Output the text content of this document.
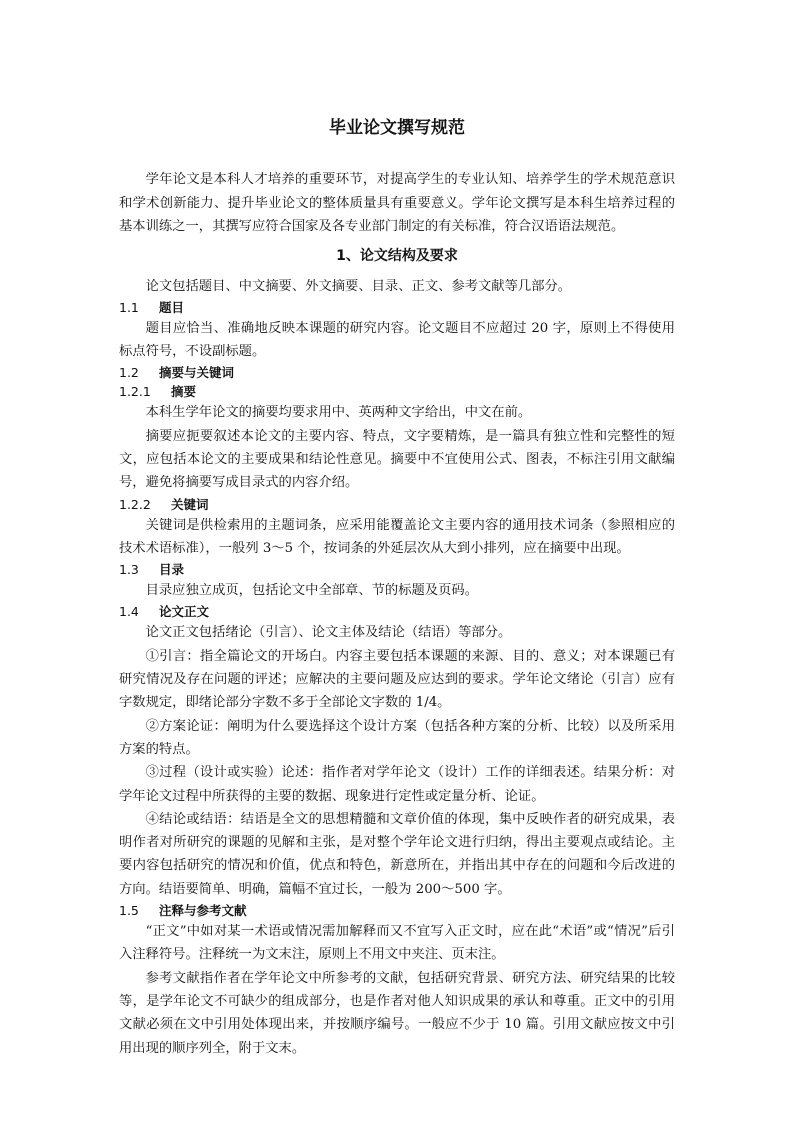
毕业论文撰写规范

学年论文是本科人才培养的重要环节，对提高学生的专业认知、培养学生的学术规范意识和学术创新能力、提升毕业论文的整体质量具有重要意义。学年论文撰写是本科生培养过程的基本训练之一，其撰写应符合国家及各专业部门制定的有关标准，符合汉语语法规范。

1、论文结构及要求

论文包括题目、中文摘要、外文摘要、目录、正文、参考文献等几部分。

1.1 题目

题目应恰当、准确地反映本课题的研究内容。论文题目不应超过 20 字，原则上不得使用标点符号，不设副标题。

1.2 摘要与关键词
1.2.1 摘要

本科生学年论文的摘要均要求用中、英两种文字给出，中文在前。

摘要应扼要叙述本论文的主要内容、特点，文字要精炼，是一篇具有独立性和完整性的短文，应包括本论文的主要成果和结论性意见。摘要中不宜使用公式、图表，不标注引用文献编号，避免将摘要写成目录式的内容介绍。

1.2.2 关键词

关键词是供检索用的主题词条，应采用能覆盖论文主要内容的通用技术词条（参照相应的技术术语标准），一般列 3～5 个，按词条的外延层次从大到小排列，应在摘要中出现。

1.3 目录

目录应独立成页，包括论文中全部章、节的标题及页码。

1.4 论文正文

论文正文包括绪论（引言）、论文主体及结论（结语）等部分。

①引言：指全篇论文的开场白。内容主要包括本课题的来源、目的、意义；对本课题已有研究情况及存在问题的评述；应解决的主要问题及应达到的要求。学年论文绪论（引言）应有字数规定，即绪论部分字数不多于全部论文字数的 1/4。

②方案论证：阐明为什么要选择这个设计方案（包括各种方案的分析、比较）以及所采用方案的特点。

③过程（设计或实验）论述：指作者对学年论文（设计）工作的详细表述。结果分析：对学年论文过程中所获得的主要的数据、现象进行定性或定量分析、论证。

④结论或结语：结语是全文的思想精髓和文章价值的体现，集中反映作者的研究成果，表明作者对所研究的课题的见解和主张，是对整个学年论文进行归纳，得出主要观点或结论。主要内容包括研究的情况和价值，优点和特色，新意所在，并指出其中存在的问题和今后改进的方向。结语要简单、明确，篇幅不宜过长，一般为 200～500 字。

1.5 注释与参考文献

“正文”中如对某一术语或情况需加解释而又不宜写入正文时，应在此“术语”或“情况”后引入注释符号。注释统一为文末注，原则上不用文中夹注、页末注。

参考文献指作者在学年论文中所参考的文献，包括研究背景、研究方法、研究结果的比较等，是学年论文不可缺少的组成部分，也是作者对他人知识成果的承认和尊重。正文中的引用文献必须在文中引用处体现出来，并按顺序编号。一般应不少于 10 篇。引用文献应按文中引用出现的顺序列全，附于文末。
